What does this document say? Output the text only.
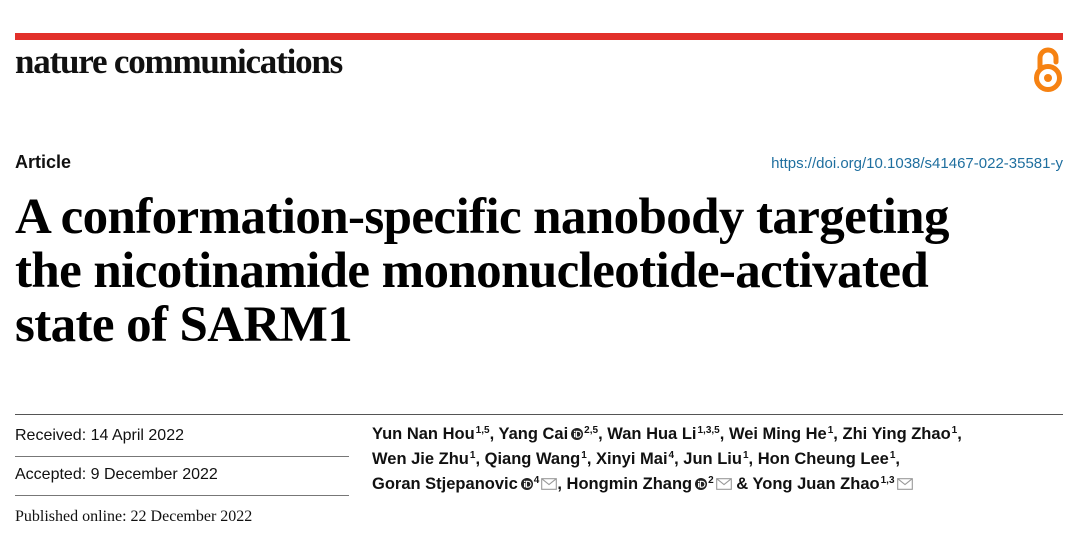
nature communications
Article	https://doi.org/10.1038/s41467-022-35581-y
A conformation-specific nanobody targeting
the nicotinamide mononucleotide-activated
state of SARM1
Received: 14 April 2022
Accepted: 9 December 2022
Published online: 22 December 2022
Yun Nan Hou$^{1,5}$, Yang Cai $^{2,5}$, Wan Hua Li$^{1,3,5}$, Wei Ming He$^1$, Zhi Ying Zhao$^1$,
Wen Jie Zhu$^1$, Qiang Wang$^1$, Xinyi Mai$^4$, Jun Liu$^1$, Hon Cheung Lee$^1$,
Goran Stjepanovic $^4$ , Hongmin Zhang $^2$ & Yong Juan Zhao$^{1,3}$
